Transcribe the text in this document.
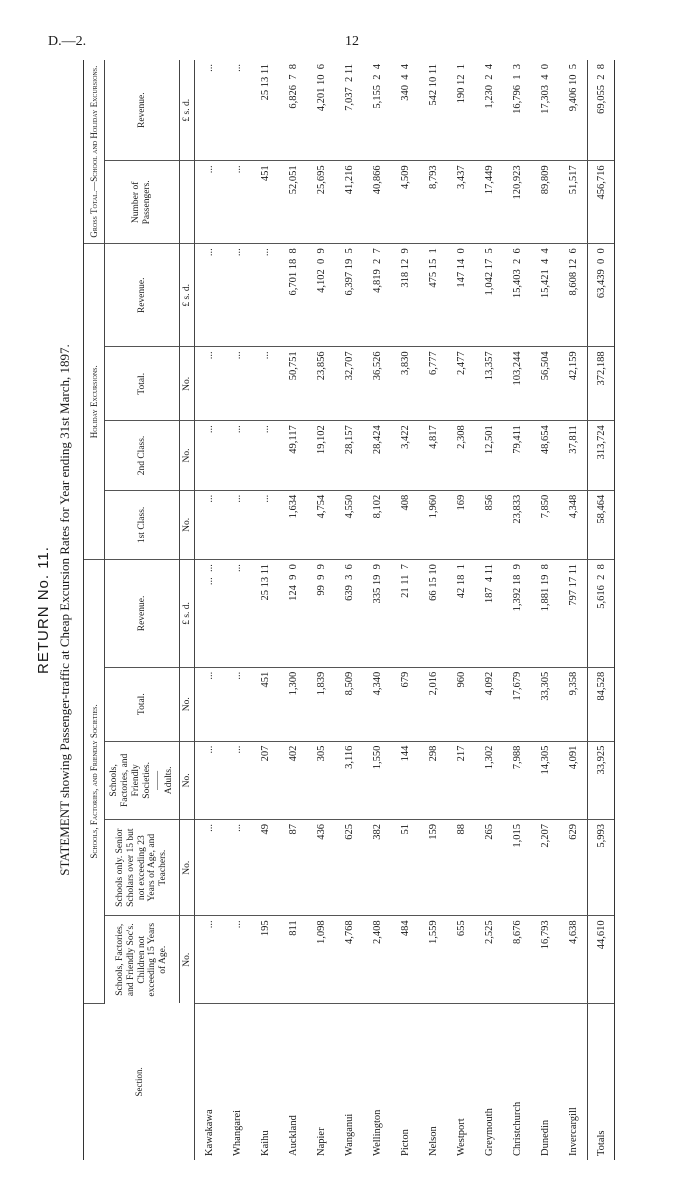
D.—2.	12
RETURN No. 11. STATEMENT showing Passenger-traffic at Cheap Excursion Rates for Year ending 31st March, 1897.
Section.	Schools, Factories, and Friendly Societies.					Holiday Excursions.				Gross Total.—School and Holiday Excursions.	
	Schools, Factories, and Friendly Soc's. Children not exceeding 15 Years of Age.	Schools only. Senior Scholars over 15 but not exceeding 23 Years of Age, and Teachers.	Schools, Factories, and Friendly Societies. —— Adults.	Total.	Revenue.	1st Class.	2nd Class.	Total.	Revenue.	Number of Passengers.	Revenue.
	No.	No.	No.	No.	£ s. d.	No.	No.	No.	£ s. d.		£ s. d.
Kawakawa	...	...	...	...	...  ...	...	...	...	...	...	...
Whangarei	...	...	...	...	...	...	...	...	...	...	...
Kaihu	195	49	207	451	25 13 11	...	...	...	...	451	25 13 11
Auckland	811	87	402	1,300	124  9  0	1,634	49,117	50,751	6,701 18  8	52,051	6,826  7  8
Napier	1,098	436	305	1,839	99  9  9	4,754	19,102	23,856	4,102  0  9	25,695	4,201 10  6
Wanganui	4,768	625	3,116	8,509	639  3  6	4,550	28,157	32,707	6,397 19  5	41,216	7,037  2 11
Wellington	2,408	382	1,550	4,340	335 19  9	8,102	28,424	36,526	4,819  2  7	40,866	5,155  2  4
Picton	484	51	144	679	21 11  7	408	3,422	3,830	318 12  9	4,509	340  4  4
Nelson	1,559	159	298	2,016	66 15 10	1,960	4,817	6,777	475 15  1	8,793	542 10 11
Westport	655	88	217	960	42 18  1	169	2,308	2,477	147 14  0	3,437	190 12  1
Greymouth	2,525	265	1,302	4,092	187  4 11	856	12,501	13,357	1,042 17  5	17,449	1,230  2  4
Christchurch	8,676	1,015	7,988	17,679	1,392 18  9	23,833	79,411	103,244	15,403  2  6	120,923	16,796  1  3
Dunedin	16,793	2,207	14,305	33,305	1,881 19  8	7,850	48,654	56,504	15,421  4  4	89,809	17,303  4  0
Invercargill	4,638	629	4,091	9,358	797 17 11	4,348	37,811	42,159	8,608 12  6	51,517	9,406 10  5
Totals	44,610	5,993	33,925	84,528	5,616  2  8	58,464	313,724	372,188	63,439  0  0	456,716	69,055  2  8
